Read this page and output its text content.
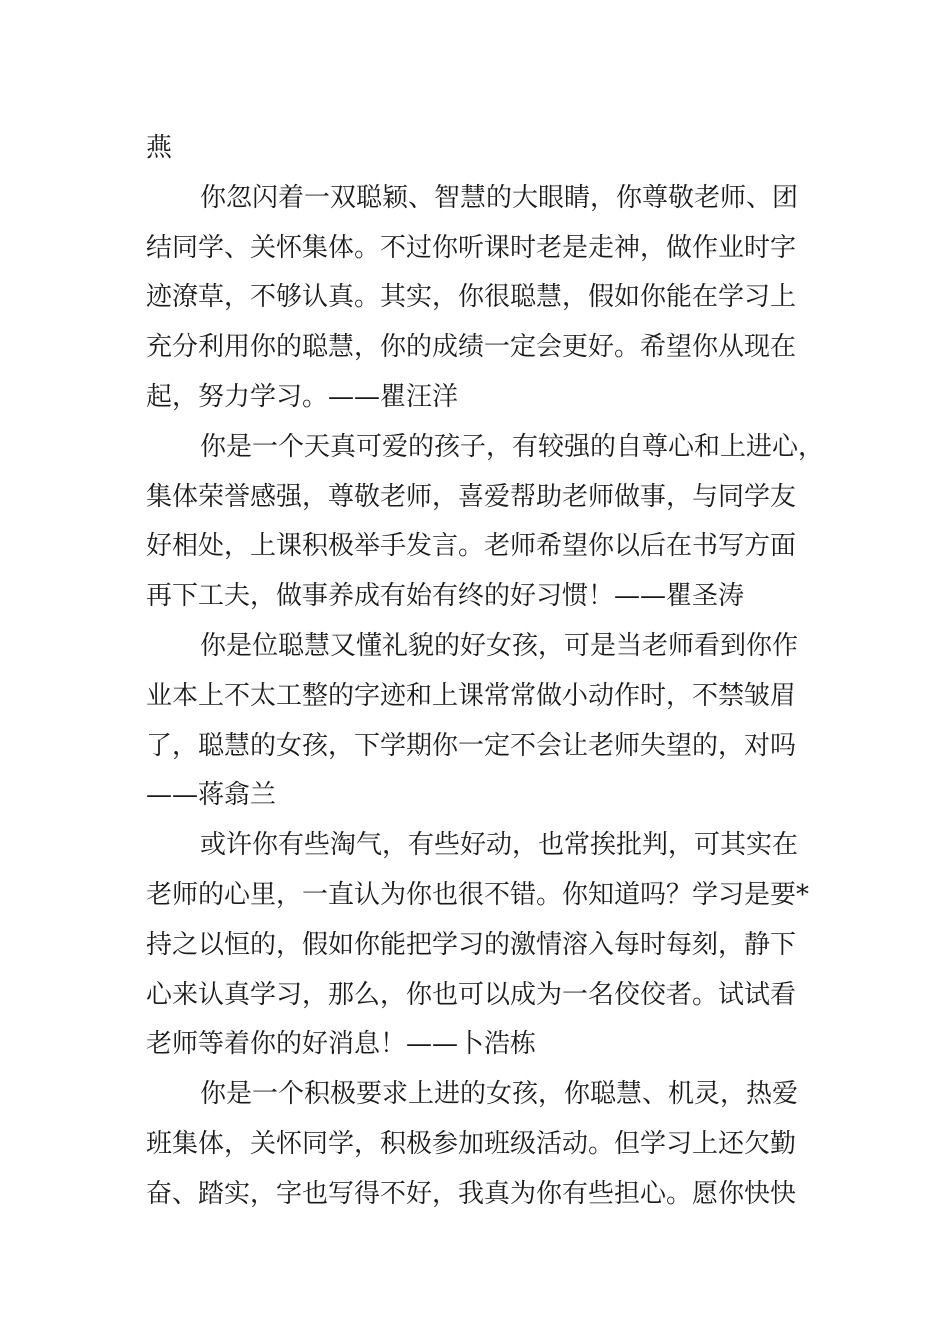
燕

你忽闪着一双聪颖、智慧的大眼睛，你尊敬老师、团
结同学、关怀集体。不过你听课时老是走神，做作业时字
迹潦草，不够认真。其实，你很聪慧，假如你能在学习上
充分利用你的聪慧，你的成绩一定会更好。希望你从现在
起，努力学习。——瞿汪洋

你是一个天真可爱的孩子，有较强的自尊心和上进心，
集体荣誉感强，尊敬老师，喜爱帮助老师做事，与同学友
好相处，上课积极举手发言。老师希望你以后在书写方面
再下工夫，做事养成有始有终的好习惯！——瞿圣涛

你是位聪慧又懂礼貌的好女孩，可是当老师看到你作
业本上不太工整的字迹和上课常常做小动作时，不禁皱眉
了，聪慧的女孩，下学期你一定不会让老师失望的，对吗
——蒋翕兰

或许你有些淘气，有些好动，也常挨批判，可其实在
老师的心里，一直认为你也很不错。你知道吗？学习是要*
持之以恒的，假如你能把学习的激情溶入每时每刻，静下
心来认真学习，那么，你也可以成为一名佼佼者。试试看
老师等着你的好消息！——卜浩栋

你是一个积极要求上进的女孩，你聪慧、机灵，热爱
班集体，关怀同学，积极参加班级活动。但学习上还欠勤
奋、踏实，字也写得不好，我真为你有些担心。愿你快快
